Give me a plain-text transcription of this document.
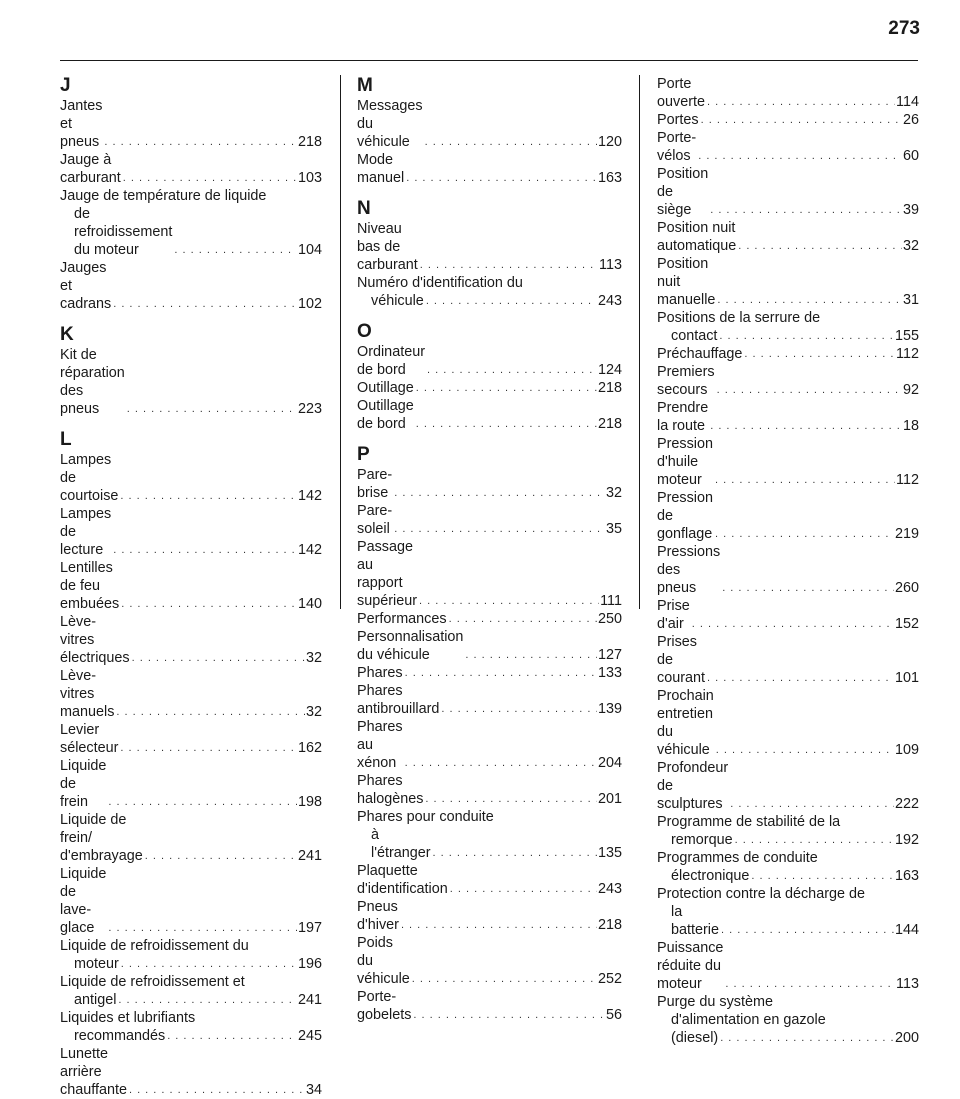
273
J
Jantes et pneus . . .	218
Jauge à carburant . . .	103
Jauge de température de liquide
de refroidissement du moteur . . .	104
Jauges et cadrans . . .	102
K
Kit de réparation des pneus . . .	223
L
Lampes de courtoise . . .	142
Lampes de lecture . . .	142
Lentilles de feu embuées . . .	140
Lève-vitres électriques . . .	32
Lève-vitres manuels . . .	32
Levier sélecteur . . .	162
Liquide de frein . . .	198
Liquide de frein/ d'embrayage . . .	241
Liquide de lave-glace . . .	197
Liquide de refroidissement du
moteur . . .	196
Liquide de refroidissement et
antigel . . .	241
Liquides et lubrifiants
recommandés . . .	245
Lunette arrière chauffante . . .	34
M
Messages du véhicule . . .	120
Mode manuel . . .	163
N
Niveau bas de carburant . . .	113
Numéro d'identification du
véhicule . . .	243
O
Ordinateur de bord . . .	124
Outillage . . .	218
Outillage de bord . . .	218
P
Pare-brise . . .	32
Pare-soleil . . .	35
Passage au rapport supérieur . . .	111
Performances . . .	250
Personnalisation du véhicule . . .	127
Phares . . .	133
Phares antibrouillard . . .	139
Phares au xénon . . .	204
Phares halogènes . . .	201
Phares pour conduite
à l'étranger . . .	135
Plaquette d'identification . . .	243
Pneus d'hiver . . .	218
Poids du véhicule . . .	252
Porte-gobelets . . .	56
Porte ouverte . . .	114
Portes . . .	26
Porte-vélos . . .	60
Position de siège . . .	39
Position nuit automatique . . .	32
Position nuit manuelle . . .	31
Positions de la serrure de
contact . . .	155
Préchauffage . . .	112
Premiers secours . . .	92
Prendre la route . . .	18
Pression d'huile moteur . . .	112
Pression de gonflage . . .	219
Pressions des pneus . . .	260
Prise d'air . . .	152
Prises de courant . . .	101
Prochain entretien du véhicule . . .	109
Profondeur de sculptures . . .	222
Programme de stabilité de la
remorque . . .	192
Programmes de conduite
électronique . . .	163
Protection contre la décharge de
la batterie . . .	144
Puissance réduite du moteur . . .	113
Purge du système
d'alimentation en gazole
(diesel) . . .	200
